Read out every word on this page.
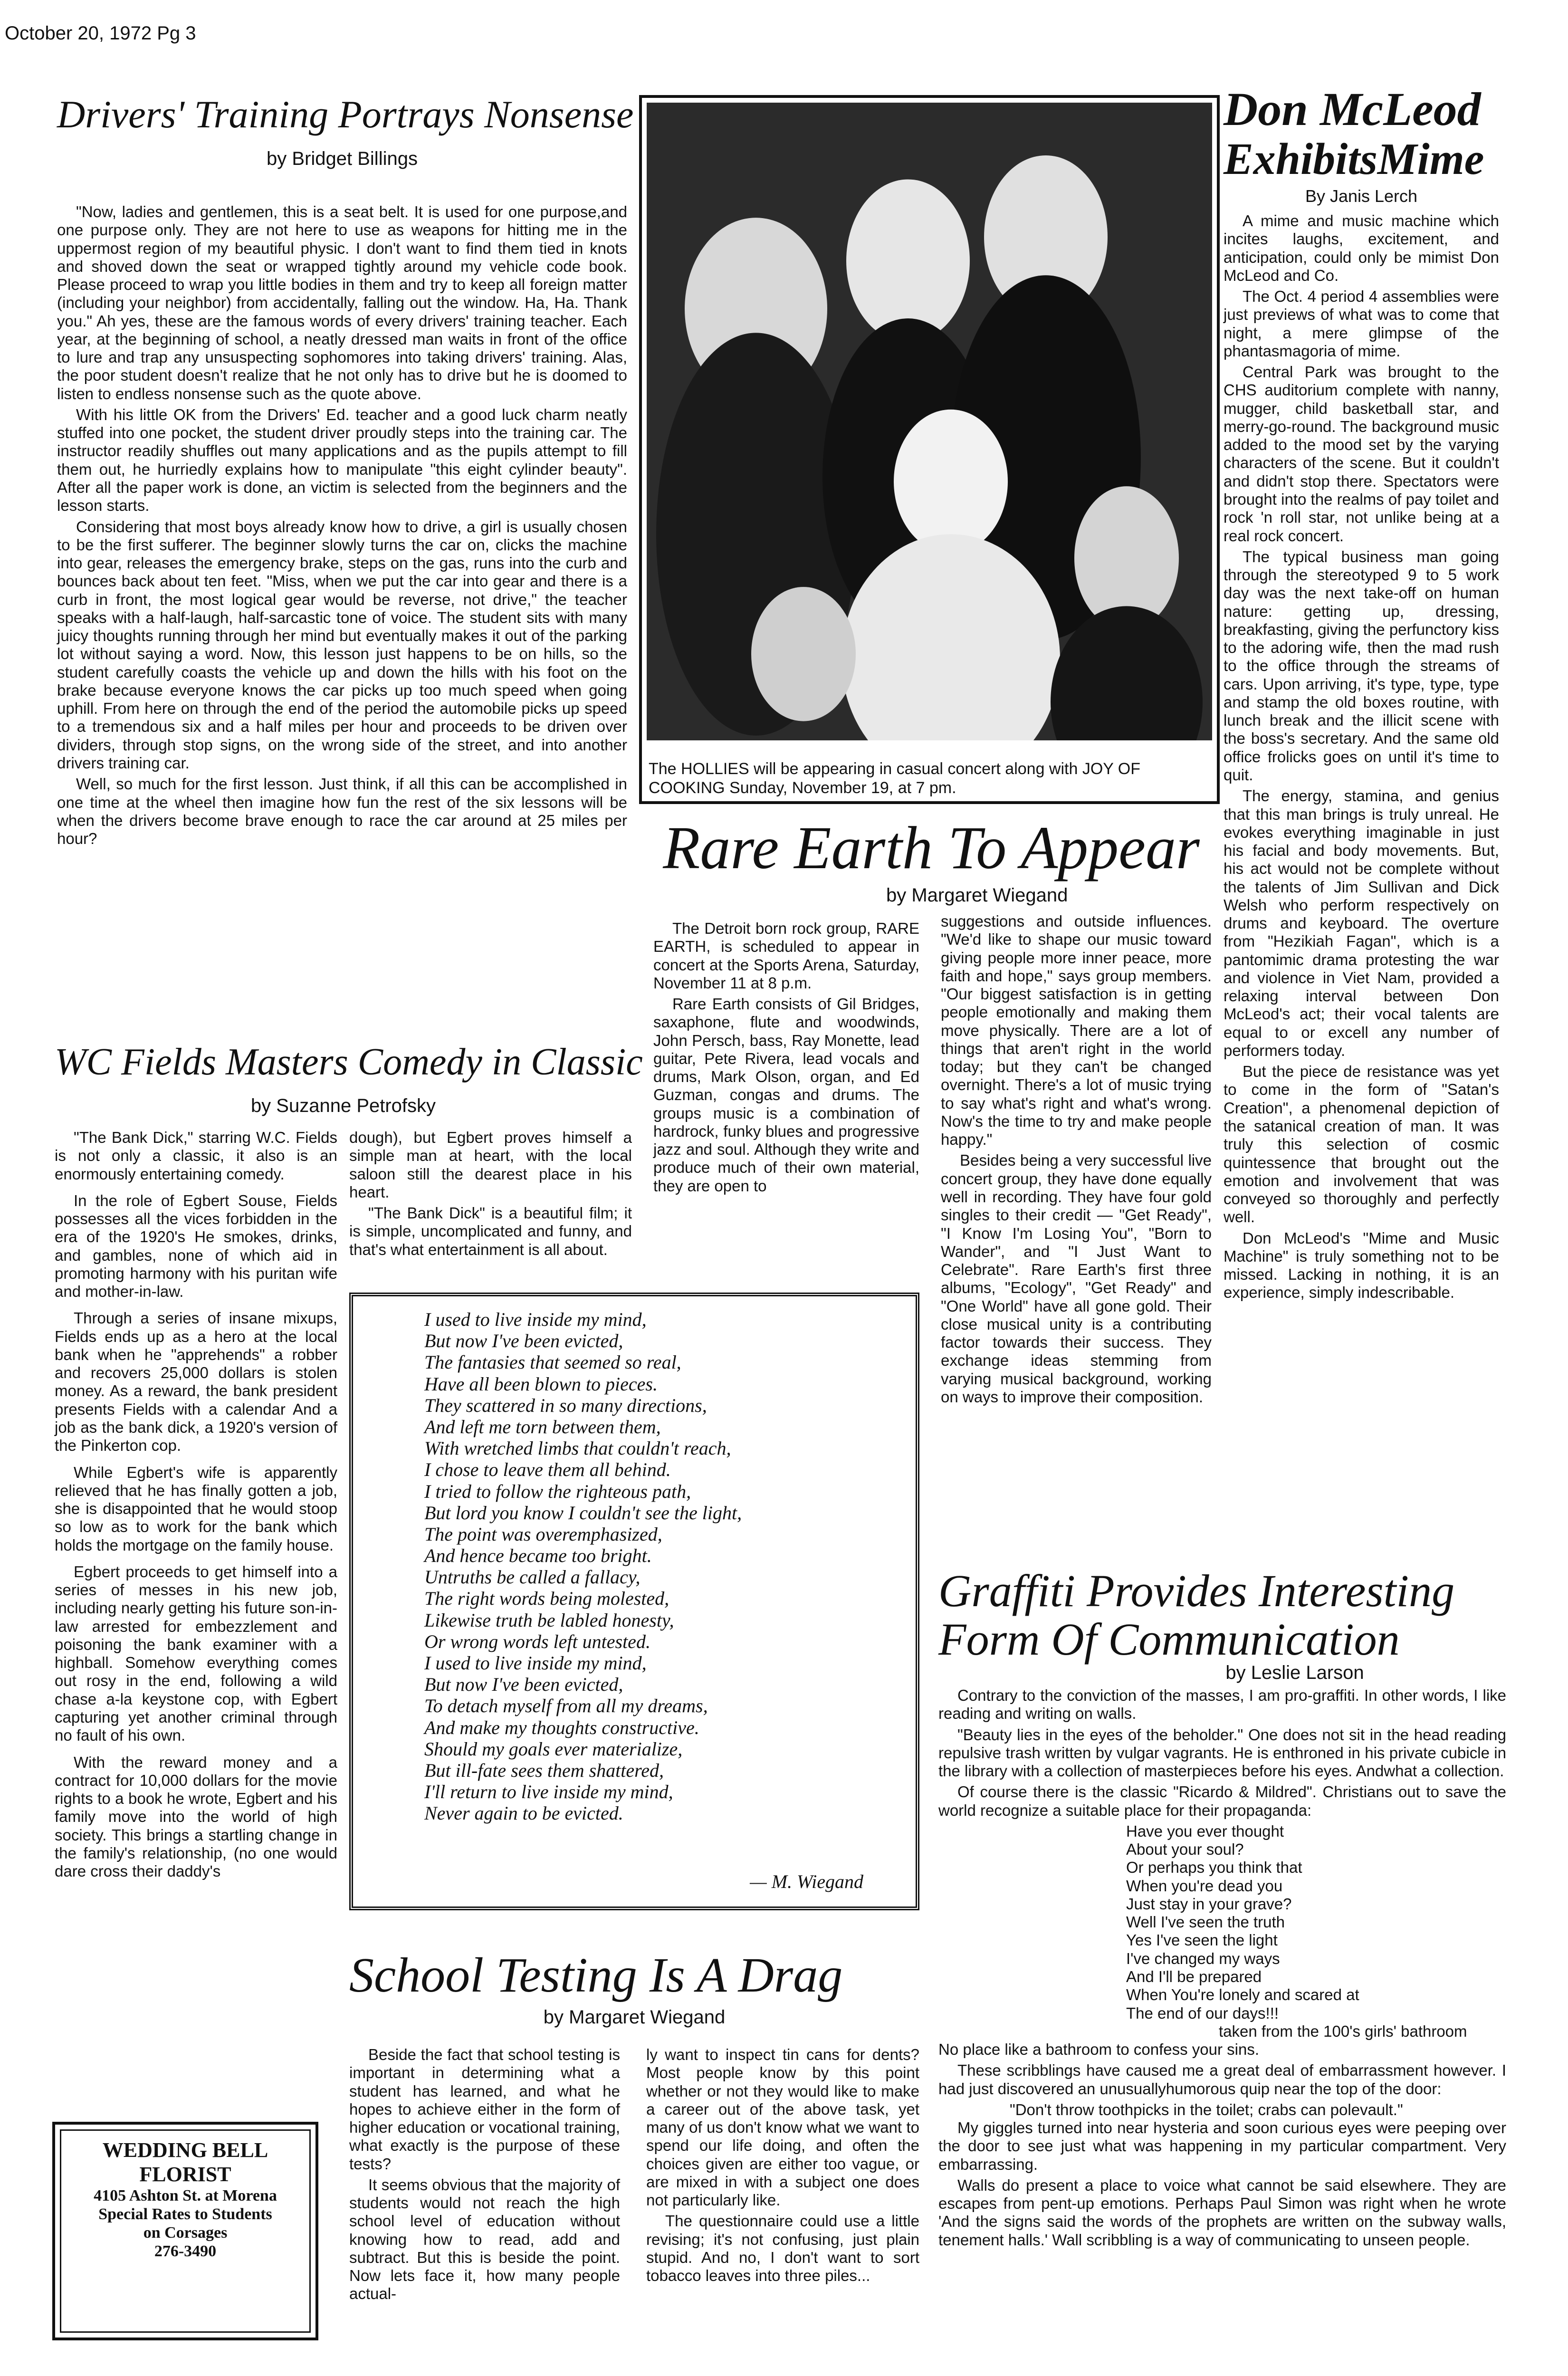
October 20, 1972 Pg 3
Drivers' Training Portrays Nonsense
by Bridget Billings

"Now, ladies and gentlemen, this is a seat belt. It is used for one purpose,and one purpose only. They are not here to use as weapons for hitting me in the uppermost region of my beautiful physic. I don't want to find them tied in knots and shoved down the seat or wrapped tightly around my vehicle code book. Please proceed to wrap you little bodies in them and try to keep all foreign matter (including your neighbor) from accidentally, falling out the window. Ha, Ha. Thank you." Ah yes, these are the famous words of every drivers' training teacher. Each year, at the beginning of school, a neatly dressed man waits in front of the office to lure and trap any unsuspecting sophomores into taking drivers' training. Alas, the poor student doesn't realize that he not only has to drive but he is doomed to listen to endless nonsense such as the quote above.

With his little OK from the Drivers' Ed. teacher and a good luck charm neatly stuffed into one pocket, the student driver proudly steps into the training car. The instructor readily shuffles out many applications and as the pupils attempt to fill them out, he hurriedly explains how to manipulate "this eight cylinder beauty". After all the paper work is done, an victim is selected from the beginners and the lesson starts.

Considering that most boys already know how to drive, a girl is usually chosen to be the first sufferer. The beginner slowly turns the car on, clicks the machine into gear, releases the emergency brake, steps on the gas, runs into the curb and bounces back about ten feet. "Miss, when we put the car into gear and there is a curb in front, the most logical gear would be reverse, not drive," the teacher speaks with a half-laugh, half-sarcastic tone of voice. The student sits with many juicy thoughts running through her mind but eventually makes it out of the parking lot without saying a word. Now, this lesson just happens to be on hills, so the student carefully coasts the vehicle up and down the hills with his foot on the brake because everyone knows the car picks up too much speed when going uphill. From here on through the end of the period the automobile picks up speed to a tremendous six and a half miles per hour and proceeds to be driven over dividers, through stop signs, on the wrong side of the street, and into another drivers training car.

Well, so much for the first lesson. Just think, if all this can be accomplished in one time at the wheel then imagine how fun the rest of the six lessons will be when the drivers become brave enough to race the car around at 25 miles per hour?

The HOLLIES will be appearing in casual concert along with JOY OF COOKING Sunday, November 19, at 7 pm.
Don McLeod
ExhibitsMime
By Janis Lerch

A mime and music machine which incites laughs, excitement, and anticipation, could only be mimist Don McLeod and Co.

The Oct. 4 period 4 assemblies were just previews of what was to come that night, a mere glimpse of the phantasmagoria of mime.

Central Park was brought to the CHS auditorium complete with nanny, mugger, child basketball star, and merry-go-round. The background music added to the mood set by the varying characters of the scene. But it couldn't and didn't stop there. Spectators were brought into the realms of pay toilet and rock 'n roll star, not unlike being at a real rock concert.

The typical business man going through the stereotyped 9 to 5 work day was the next take-off on human nature: getting up, dressing, breakfasting, giving the perfunctory kiss to the adoring wife, then the mad rush to the office through the streams of cars. Upon arriving, it's type, type, type and stamp the old boxes routine, with lunch break and the illicit scene with the boss's secretary. And the same old office frolicks goes on until it's time to quit.

The energy, stamina, and genius that this man brings is truly unreal. He evokes everything imaginable in just his facial and body movements. But, his act would not be complete without the talents of Jim Sullivan and Dick Welsh who perform respectively on drums and keyboard. The overture from "Hezikiah Fagan", which is a pantomimic drama protesting the war and violence in Viet Nam, provided a relaxing interval between Don McLeod's act; their vocal talents are equal to or excell any number of performers today.

But the piece de resistance was yet to come in the form of "Satan's Creation", a phenomenal depiction of the satanical creation of man. It was truly this selection of cosmic quintessence that brought out the emotion and involvement that was conveyed so thoroughly and perfectly well.

Don McLeod's "Mime and Music Machine" is truly something not to be missed. Lacking in nothing, it is an experience, simply indescribable.

Rare Earth To Appear
by Margaret Wiegand

The Detroit born rock group, RARE EARTH, is scheduled to appear in concert at the Sports Arena, Saturday, November 11 at 8 p.m.

Rare Earth consists of Gil Bridges, saxaphone, flute and woodwinds, John Persch, bass, Ray Monette, lead guitar, Pete Rivera, lead vocals and drums, Mark Olson, organ, and Ed Guzman, congas and drums. The groups music is a combination of hardrock, funky blues and progressive jazz and soul. Although they write and produce much of their own material, they are open to

suggestions and outside influences. "We'd like to shape our music toward giving people more inner peace, more faith and hope," says group members. "Our biggest satisfaction is in getting people emotionally and making them move physically. There are a lot of things that aren't right in the world today; but they can't be changed overnight. There's a lot of music trying to say what's right and what's wrong. Now's the time to try and make people happy."

Besides being a very successful live concert group, they have done equally well in recording. They have four gold singles to their credit — "Get Ready", "I Know I'm Losing You", "Born to Wander", and "I Just Want to Celebrate". Rare Earth's first three albums, "Ecology", "Get Ready" and "One World" have all gone gold. Their close musical unity is a contributing factor towards their success. They exchange ideas stemming from varying musical background, working on ways to improve their composition.

WC Fields Masters Comedy in Classic
by Suzanne Petrofsky

"The Bank Dick," starring W.C. Fields is not only a classic, it also is an enormously entertaining comedy.

In the role of Egbert Souse, Fields possesses all the vices forbidden in the era of the 1920's He smokes, drinks, and gambles, none of which aid in promoting harmony with his puritan wife and mother-in-law.

Through a series of insane mixups, Fields ends up as a hero at the local bank when he "apprehends" a robber and recovers 25,000 dollars is stolen money. As a reward, the bank president presents Fields with a calendar And a job as the bank dick, a 1920's version of the Pinkerton cop.

While Egbert's wife is apparently relieved that he has finally gotten a job, she is disappointed that he would stoop so low as to work for the bank which holds the mortgage on the family house.

Egbert proceeds to get himself into a series of messes in his new job, including nearly getting his future son-in-law arrested for embezzlement and poisoning the bank examiner with a highball. Somehow everything comes out rosy in the end, following a wild chase a-la keystone cop, with Egbert capturing yet another criminal through no fault of his own.

With the reward money and a contract for 10,000 dollars for the movie rights to a book he wrote, Egbert and his family move into the world of high society. This brings a startling change in the family's relationship, (no one would dare cross their daddy's

dough), but Egbert proves himself a simple man at heart, with the local saloon still the dearest place in his heart.

"The Bank Dick" is a beautiful film; it is simple, uncomplicated and funny, and that's what entertainment is all about.

I used to live inside my mind,
But now I've been evicted,
The fantasies that seemed so real,
Have all been blown to pieces.
They scattered in so many directions,
And left me torn between them,
With wretched limbs that couldn't reach,
I chose to leave them all behind.
I tried to follow the righteous path,
But lord you know I couldn't see the light,
The point was overemphasized,
And hence became too bright.
Untruths be called a fallacy,
The right words being molested,
Likewise truth be labled honesty,
Or wrong words left untested.
I used to live inside my mind,
But now I've been evicted,
To detach myself from all my dreams,
And make my thoughts constructive.
Should my goals ever materialize,
But ill-fate sees them shattered,
I'll return to live inside my mind,
Never again to be evicted.
— M. Wiegand
School Testing Is A Drag
by Margaret Wiegand

Beside the fact that school testing is important in determining what a student has learned, and what he hopes to achieve either in the form of higher education or vocational training, what exactly is the purpose of these tests?

It seems obvious that the majority of students would not reach the high school level of education without knowing how to read, add and subtract. But this is beside the point. Now lets face it, how many people actual-

ly want to inspect tin cans for dents? Most people know by this point whether or not they would like to make a career out of the above task, yet many of us don't know what we want to spend our life doing, and often the choices given are either too vague, or are mixed in with a subject one does not particularly like.

The questionnaire could use a little revising; it's not confusing, just plain stupid. And no, I don't want to sort tobacco leaves into three piles...

Graffiti Provides Interesting
Form Of Communication
by Leslie Larson

Contrary to the conviction of the masses, I am pro-graffiti. In other words, I like reading and writing on walls.

"Beauty lies in the eyes of the beholder." One does not sit in the head reading repulsive trash written by vulgar vagrants. He is enthroned in his private cubicle in the library with a collection of masterpieces before his eyes. Andwhat a collection.

Of course there is the classic "Ricardo & Mildred". Christians out to save the world recognize a suitable place for their propaganda:

Have you ever thought
About your soul?
Or perhaps you think that
When you're dead you
Just stay in your grave?
Well I've seen the truth
Yes I've seen the light
I've changed my ways
And I'll be prepared
When You're lonely and scared at
The end of our days!!!
taken from the 100's girls' bathroom

No place like a bathroom to confess your sins.

These scribblings have caused me a great deal of embarrassment however. I had just discovered an unusuallyhumorous quip near the top of the door:

"Don't throw toothpicks in the toilet; crabs can polevault."

My giggles turned into near hysteria and soon curious eyes were peeping over the door to see just what was happening in my particular compartment. Very embarrassing.

Walls do present a place to voice what cannot be said elsewhere. They are escapes from pent-up emotions. Perhaps Paul Simon was right when he wrote 'And the signs said the words of the prophets are written on the subway walls, tenement halls.' Wall scribbling is a way of communicating to unseen people.

WEDDING BELL
FLORIST
4105 Ashton St. at Morena
Special Rates to Students
on Corsages
276-3490
